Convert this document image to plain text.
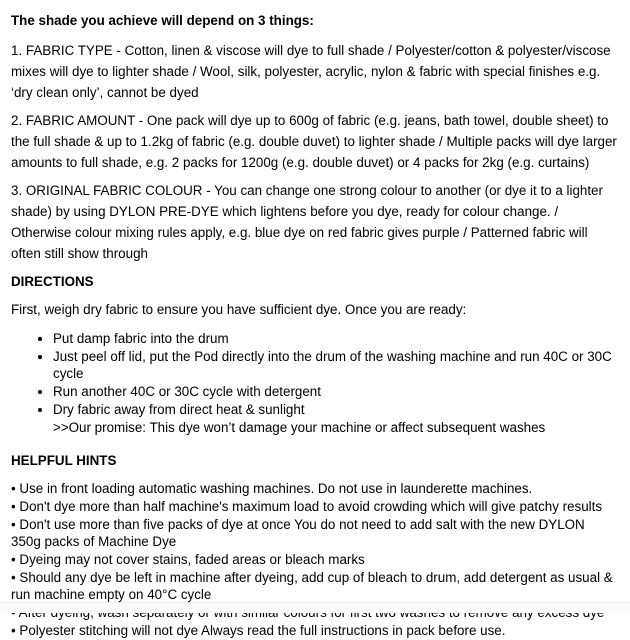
The shade you achieve will depend on 3 things:

1. FABRIC TYPE - Cotton, linen & viscose will dye to full shade / Polyester/cotton & polyester/viscose mixes will dye to lighter shade / Wool, silk, polyester, acrylic, nylon & fabric with special finishes e.g. ‘dry clean only’, cannot be dyed

2. FABRIC AMOUNT - One pack will dye up to 600g of fabric (e.g. jeans, bath towel, double sheet) to the full shade & up to 1.2kg of fabric (e.g. double duvet) to lighter shade / Multiple packs will dye larger amounts to full shade, e.g. 2 packs for 1200g (e.g. double duvet) or 4 packs for 2kg (e.g. curtains)

3. ORIGINAL FABRIC COLOUR - You can change one strong colour to another (or dye it to a lighter shade) by using DYLON PRE-DYE which lightens before you dye, ready for colour change. / Otherwise colour mixing rules apply, e.g. blue dye on red fabric gives purple / Patterned fabric will often still show through

DIRECTIONS

First, weigh dry fabric to ensure you have sufficient dye. Once you are ready:

• Put damp fabric into the drum
• Just peel off lid, put the Pod directly into the drum of the washing machine and run 40C or 30C cycle
• Run another 40C or 30C cycle with detergent
• Dry fabric away from direct heat & sunlight
>>Our promise: This dye won’t damage your machine or affect subsequent washes

HELPFUL HINTS

• Use in front loading automatic washing machines. Do not use in launderette machines.

• Don't dye more than half machine's maximum load to avoid crowding which will give patchy results

• Don't use more than five packs of dye at once You do not need to add salt with the new DYLON 350g packs of Machine Dye

• Dyeing may not cover stains, faded areas or bleach marks

• Should any dye be left in machine after dyeing, add cup of bleach to drum, add detergent as usual & run machine empty on 40°C cycle

• Polyester stitching will not dye Always read the full instructions in pack before use.
